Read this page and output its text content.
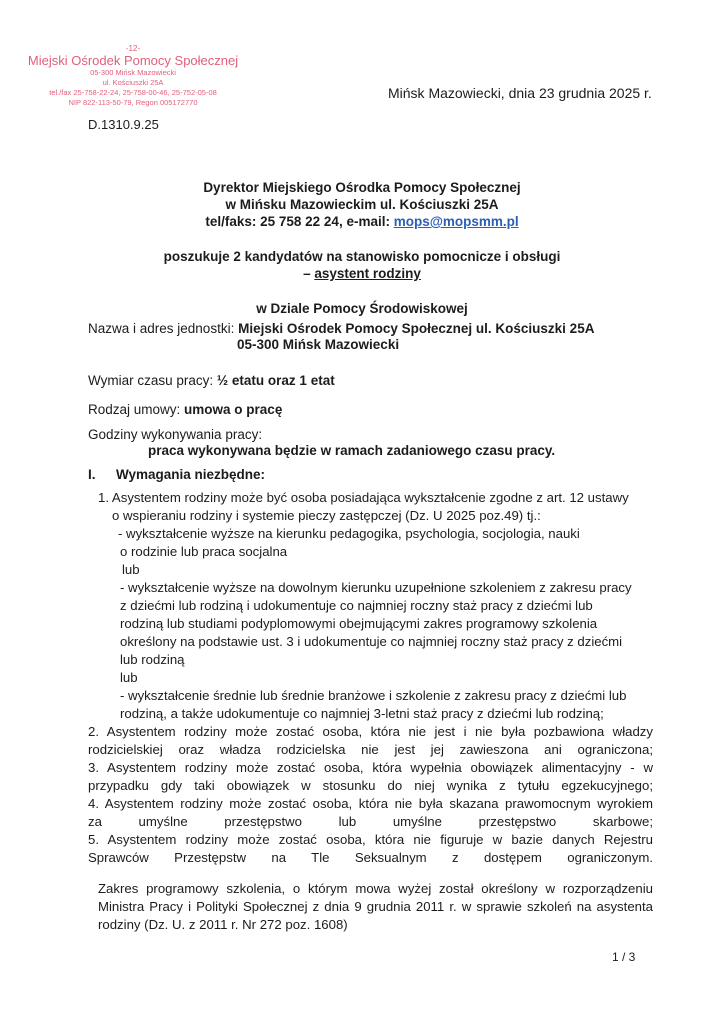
-12-
Miejski Ośrodek Pomocy Społecznej
05-300 Mińsk Mazowiecki
ul. Kościuszki 25A
tel./fax 25-758-22-24, 25-758-00-46, 25-752-05-08
NIP 822-113-50-79, Regon 005172770
D.1310.9.25
Mińsk Mazowiecki, dnia 23 grudnia 2025 r.
Dyrektor Miejskiego Ośrodka Pomocy Społecznej
w Mińsku Mazowieckim ul. Kościuszki 25A
tel/faks: 25 758 22 24, e-mail: mops@mopsmm.pl
poszukuje 2 kandydatów na stanowisko pomocnicze i obsługi
– asystent rodziny
w Dziale Pomocy Środowiskowej
Nazwa i adres jednostki: Miejski Ośrodek Pomocy Społecznej ul. Kościuszki 25A
05-300 Mińsk Mazowiecki
Wymiar czasu pracy: ½ etatu oraz 1 etat
Rodzaj umowy: umowa o pracę
Godziny wykonywania pracy:
praca wykonywana będzie w ramach zadaniowego czasu pracy.
I. Wymagania niezbędne:
1. Asystentem rodziny może być osoba posiadająca wykształcenie zgodne z art. 12 ustawy
o wspieraniu rodziny i systemie pieczy zastępczej (Dz. U 2025 poz.49) tj.:
- wykształcenie wyższe na kierunku pedagogika, psychologia, socjologia, nauki
o rodzinie lub praca socjalna
lub
- wykształcenie wyższe na dowolnym kierunku uzupełnione szkoleniem z zakresu pracy
z dziećmi lub rodziną i udokumentuje co najmniej roczny staż pracy z dziećmi lub
rodziną lub studiami podyplomowymi obejmującymi zakres programowy szkolenia
określony na podstawie ust. 3 i udokumentuje co najmniej roczny staż pracy z dziećmi
lub rodziną
lub
- wykształcenie średnie lub średnie branżowe i szkolenie z zakresu pracy z dziećmi lub
rodziną, a także udokumentuje co najmniej 3-letni staż pracy z dziećmi lub rodziną;
2. Asystentem rodziny może zostać osoba, która nie jest i nie była pozbawiona władzy
rodzicielskiej oraz władza rodzicielska nie jest jej zawieszona ani ograniczona;
3. Asystentem rodziny może zostać osoba, która wypełnia obowiązek alimentacyjny - w
przypadku gdy taki obowiązek w stosunku do niej wynika z tytułu egzekucyjnego;
4. Asystentem rodziny może zostać osoba, która nie była skazana prawomocnym wyrokiem
za umyślne przestępstwo lub umyślne przestępstwo skarbowe;
5. Asystentem rodziny może zostać osoba, która nie figuruje w bazie danych Rejestru
Sprawców Przestępstw na Tle Seksualnym z dostępem ograniczonym.
Zakres programowy szkolenia, o którym mowa wyżej został określony w rozporządzeniu
Ministra Pracy i Polityki Społecznej z dnia 9 grudnia 2011 r. w sprawie szkoleń na asystenta
rodziny (Dz. U. z 2011 r. Nr 272 poz. 1608)
1 / 3
